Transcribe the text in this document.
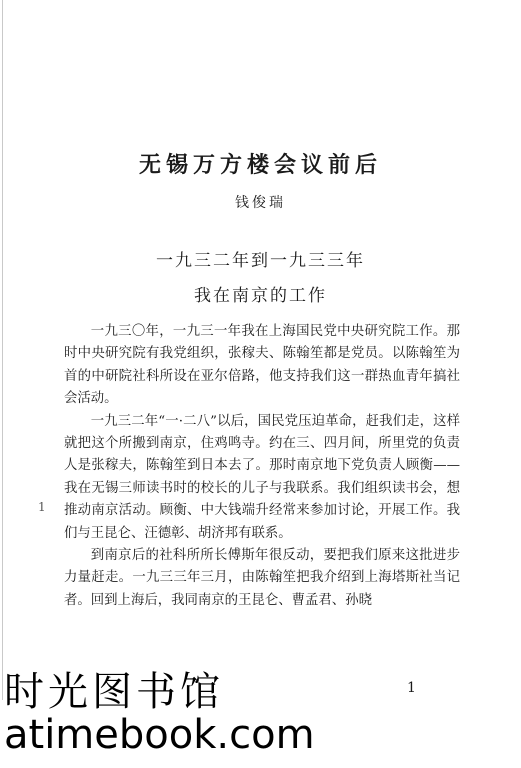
无锡万方楼会议前后
钱俊瑞
一九三二年到一九三三年
我在南京的工作

一九三〇年，一九三一年我在上海国民党中央研究院工作。那时中央研究院有我党组织，张稼夫、陈翰笙都是党员。以陈翰笙为首的中研院社科所设在亚尔倍路，他支持我们这一群热血青年搞社会活动。

一九三二年“一·二八”以后，国民党压迫革命，赶我们走，这样就把这个所搬到南京，住鸡鸣寺。约在三、四月间，所里党的负责人是张稼夫，陈翰笙到日本去了。那时南京地下党负责人顾衡——我在无锡三师读书时的校长的儿子与我联系。我们组织读书会，想推动南京活动。顾衡、中大钱端升经常来参加讨论，开展工作。我们与王昆仑、汪德彰、胡济邦有联系。

到南京后的社科所所长傅斯年很反动，要把我们原来这批进步力量赶走。一九三三年三月，由陈翰笙把我介绍到上海塔斯社当记者。回到上海后，我同南京的王昆仑、曹孟君、孙晓

1
1
时光图书馆
atimebook.com
